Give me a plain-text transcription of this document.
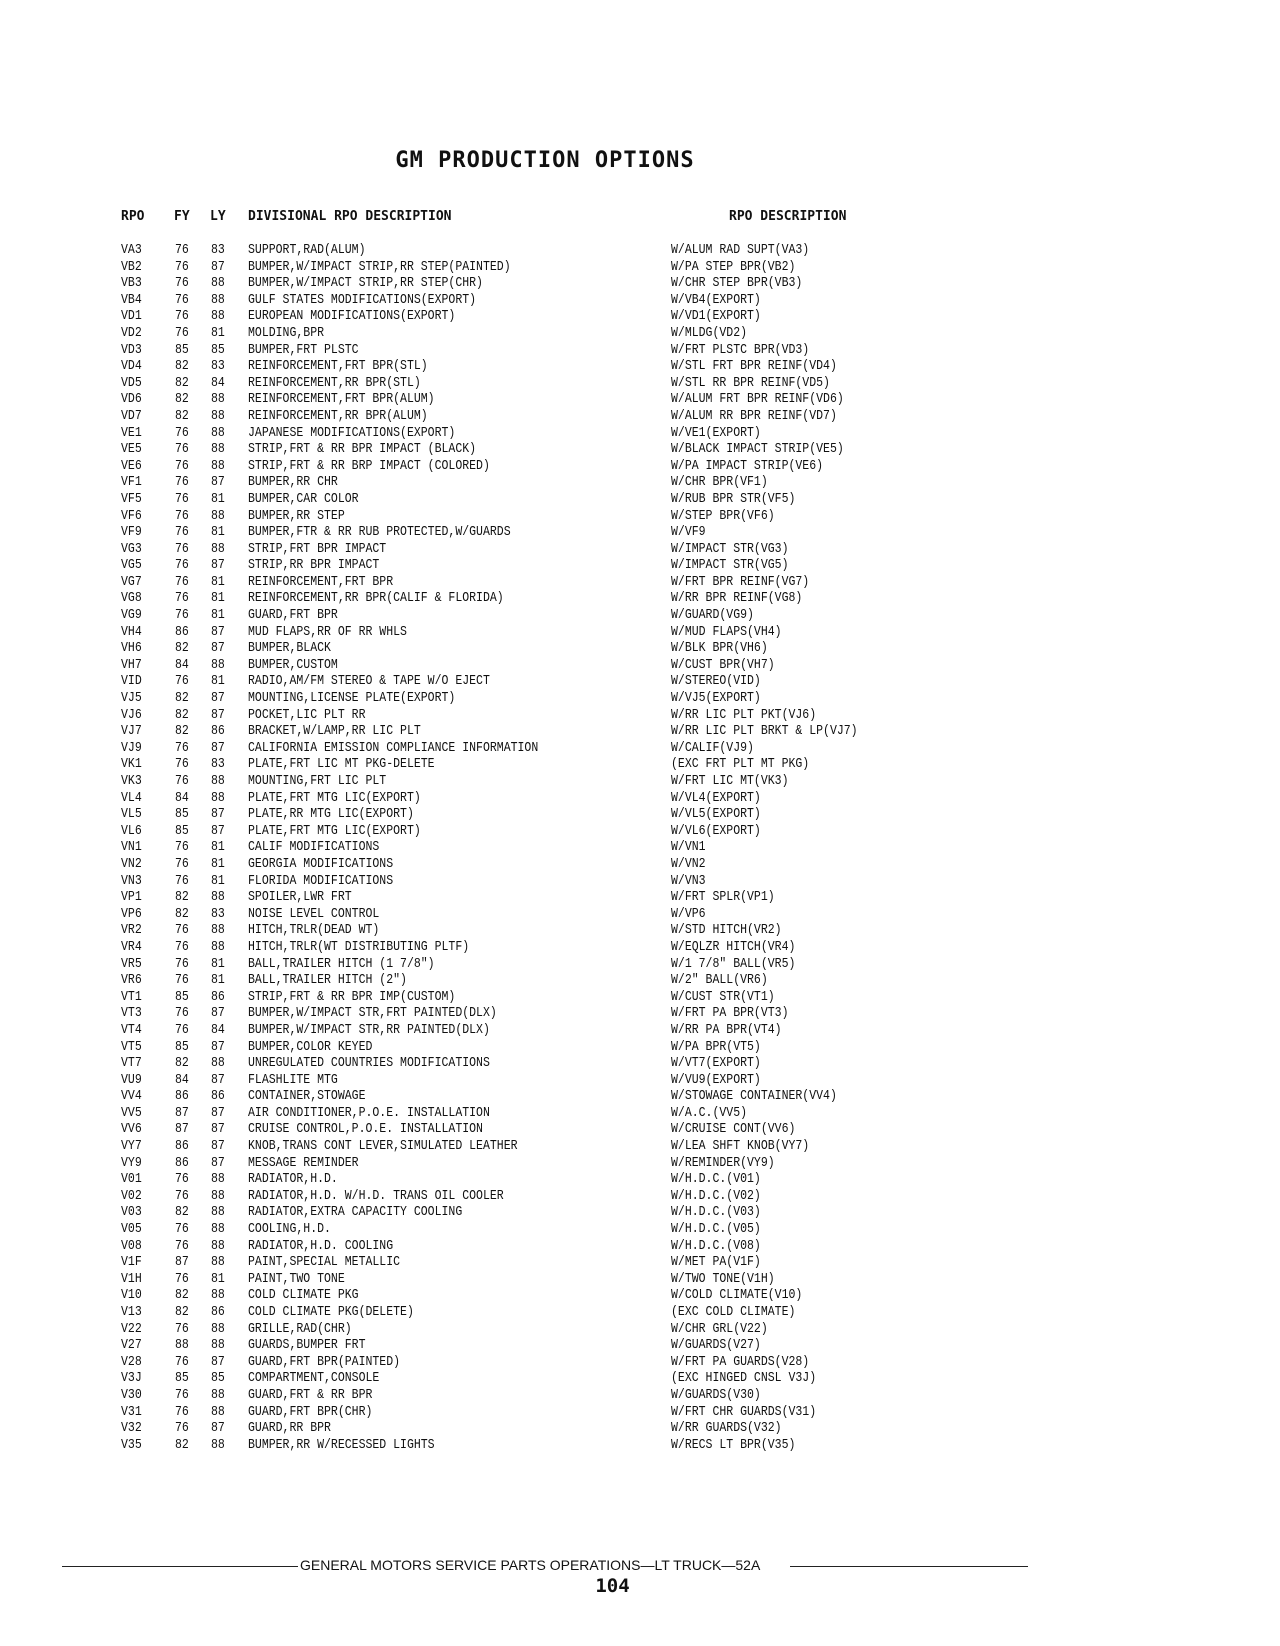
GM PRODUCTION OPTIONS
RPO FY LY DIVISIONAL RPO DESCRIPTION	RPO DESCRIPTION
VA3 76 83 SUPPORT,RAD(ALUM)	W/ALUM RAD SUPT(VA3)
VB2 76 87 BUMPER,W/IMPACT STRIP,RR STEP(PAINTED)	W/PA STEP BPR(VB2)
VB3 76 88 BUMPER,W/IMPACT STRIP,RR STEP(CHR)	W/CHR STEP BPR(VB3)
VB4 76 88 GULF STATES MODIFICATIONS(EXPORT)	W/VB4(EXPORT)
VD1 76 88 EUROPEAN MODIFICATIONS(EXPORT)	W/VD1(EXPORT)
VD2 76 81 MOLDING,BPR	W/MLDG(VD2)
VD3 85 85 BUMPER,FRT PLSTC	W/FRT PLSTC BPR(VD3)
VD4 82 83 REINFORCEMENT,FRT BPR(STL)	W/STL FRT BPR REINF(VD4)
VD5 82 84 REINFORCEMENT,RR BPR(STL)	W/STL RR BPR REINF(VD5)
VD6 82 88 REINFORCEMENT,FRT BPR(ALUM)	W/ALUM FRT BPR REINF(VD6)
VD7 82 88 REINFORCEMENT,RR BPR(ALUM)	W/ALUM RR BPR REINF(VD7)
VE1 76 88 JAPANESE MODIFICATIONS(EXPORT)	W/VE1(EXPORT)
VE5 76 88 STRIP,FRT & RR BPR IMPACT (BLACK)	W/BLACK IMPACT STRIP(VE5)
VE6 76 88 STRIP,FRT & RR BRP IMPACT (COLORED)	W/PA IMPACT STRIP(VE6)
VF1 76 87 BUMPER,RR CHR	W/CHR BPR(VF1)
VF5 76 81 BUMPER,CAR COLOR	W/RUB BPR STR(VF5)
VF6 76 88 BUMPER,RR STEP	W/STEP BPR(VF6)
VF9 76 81 BUMPER,FTR & RR RUB PROTECTED,W/GUARDS	W/VF9
VG3 76 88 STRIP,FRT BPR IMPACT	W/IMPACT STR(VG3)
VG5 76 87 STRIP,RR BPR IMPACT	W/IMPACT STR(VG5)
VG7 76 81 REINFORCEMENT,FRT BPR	W/FRT BPR REINF(VG7)
VG8 76 81 REINFORCEMENT,RR BPR(CALIF & FLORIDA)	W/RR BPR REINF(VG8)
VG9 76 81 GUARD,FRT BPR	W/GUARD(VG9)
VH4 86 87 MUD FLAPS,RR OF RR WHLS	W/MUD FLAPS(VH4)
VH6 82 87 BUMPER,BLACK	W/BLK BPR(VH6)
VH7 84 88 BUMPER,CUSTOM	W/CUST BPR(VH7)
VID 76 81 RADIO,AM/FM STEREO & TAPE W/O EJECT	W/STEREO(VID)
VJ5 82 87 MOUNTING,LICENSE PLATE(EXPORT)	W/VJ5(EXPORT)
VJ6 82 87 POCKET,LIC PLT RR	W/RR LIC PLT PKT(VJ6)
VJ7 82 86 BRACKET,W/LAMP,RR LIC PLT	W/RR LIC PLT BRKT & LP(VJ7)
VJ9 76 87 CALIFORNIA EMISSION COMPLIANCE INFORMATION	W/CALIF(VJ9)
VK1 76 83 PLATE,FRT LIC MT PKG-DELETE	(EXC FRT PLT MT PKG)
VK3 76 88 MOUNTING,FRT LIC PLT	W/FRT LIC MT(VK3)
VL4 84 88 PLATE,FRT MTG LIC(EXPORT)	W/VL4(EXPORT)
VL5 85 87 PLATE,RR MTG LIC(EXPORT)	W/VL5(EXPORT)
VL6 85 87 PLATE,FRT MTG LIC(EXPORT)	W/VL6(EXPORT)
VN1 76 81 CALIF MODIFICATIONS	W/VN1
VN2 76 81 GEORGIA MODIFICATIONS	W/VN2
VN3 76 81 FLORIDA MODIFICATIONS	W/VN3
VP1 82 88 SPOILER,LWR FRT	W/FRT SPLR(VP1)
VP6 82 83 NOISE LEVEL CONTROL	W/VP6
VR2 76 88 HITCH,TRLR(DEAD WT)	W/STD HITCH(VR2)
VR4 76 88 HITCH,TRLR(WT DISTRIBUTING PLTF)	W/EQLZR HITCH(VR4)
VR5 76 81 BALL,TRAILER HITCH (1 7/8")	W/1 7/8" BALL(VR5)
VR6 76 81 BALL,TRAILER HITCH (2")	W/2" BALL(VR6)
VT1 85 86 STRIP,FRT & RR BPR IMP(CUSTOM)	W/CUST STR(VT1)
VT3 76 87 BUMPER,W/IMPACT STR,FRT PAINTED(DLX)	W/FRT PA BPR(VT3)
VT4 76 84 BUMPER,W/IMPACT STR,RR PAINTED(DLX)	W/RR PA BPR(VT4)
VT5 85 87 BUMPER,COLOR KEYED	W/PA BPR(VT5)
VT7 82 88 UNREGULATED COUNTRIES MODIFICATIONS	W/VT7(EXPORT)
VU9 84 87 FLASHLITE MTG	W/VU9(EXPORT)
VV4 86 86 CONTAINER,STOWAGE	W/STOWAGE CONTAINER(VV4)
VV5 87 87 AIR CONDITIONER,P.O.E. INSTALLATION	W/A.C.(VV5)
VV6 87 87 CRUISE CONTROL,P.O.E. INSTALLATION	W/CRUISE CONT(VV6)
VY7 86 87 KNOB,TRANS CONT LEVER,SIMULATED LEATHER	W/LEA SHFT KNOB(VY7)
VY9 86 87 MESSAGE REMINDER	W/REMINDER(VY9)
V01 76 88 RADIATOR,H.D.	W/H.D.C.(V01)
V02 76 88 RADIATOR,H.D. W/H.D. TRANS OIL COOLER	W/H.D.C.(V02)
V03 82 88 RADIATOR,EXTRA CAPACITY COOLING	W/H.D.C.(V03)
V05 76 88 COOLING,H.D.	W/H.D.C.(V05)
V08 76 88 RADIATOR,H.D. COOLING	W/H.D.C.(V08)
V1F 87 88 PAINT,SPECIAL METALLIC	W/MET PA(V1F)
V1H 76 81 PAINT,TWO TONE	W/TWO TONE(V1H)
V10 82 88 COLD CLIMATE PKG	W/COLD CLIMATE(V10)
V13 82 86 COLD CLIMATE PKG(DELETE)	(EXC COLD CLIMATE)
V22 76 88 GRILLE,RAD(CHR)	W/CHR GRL(V22)
V27 88 88 GUARDS,BUMPER FRT	W/GUARDS(V27)
V28 76 87 GUARD,FRT BPR(PAINTED)	W/FRT PA GUARDS(V28)
V3J 85 85 COMPARTMENT,CONSOLE	(EXC HINGED CNSL V3J)
V30 76 88 GUARD,FRT & RR BPR	W/GUARDS(V30)
V31 76 88 GUARD,FRT BPR(CHR)	W/FRT CHR GUARDS(V31)
V32 76 87 GUARD,RR BPR	W/RR GUARDS(V32)
V35 82 88 BUMPER,RR W/RECESSED LIGHTS	W/RECS LT BPR(V35)
GENERAL MOTORS SERVICE PARTS OPERATIONS—LT TRUCK—52A
104
